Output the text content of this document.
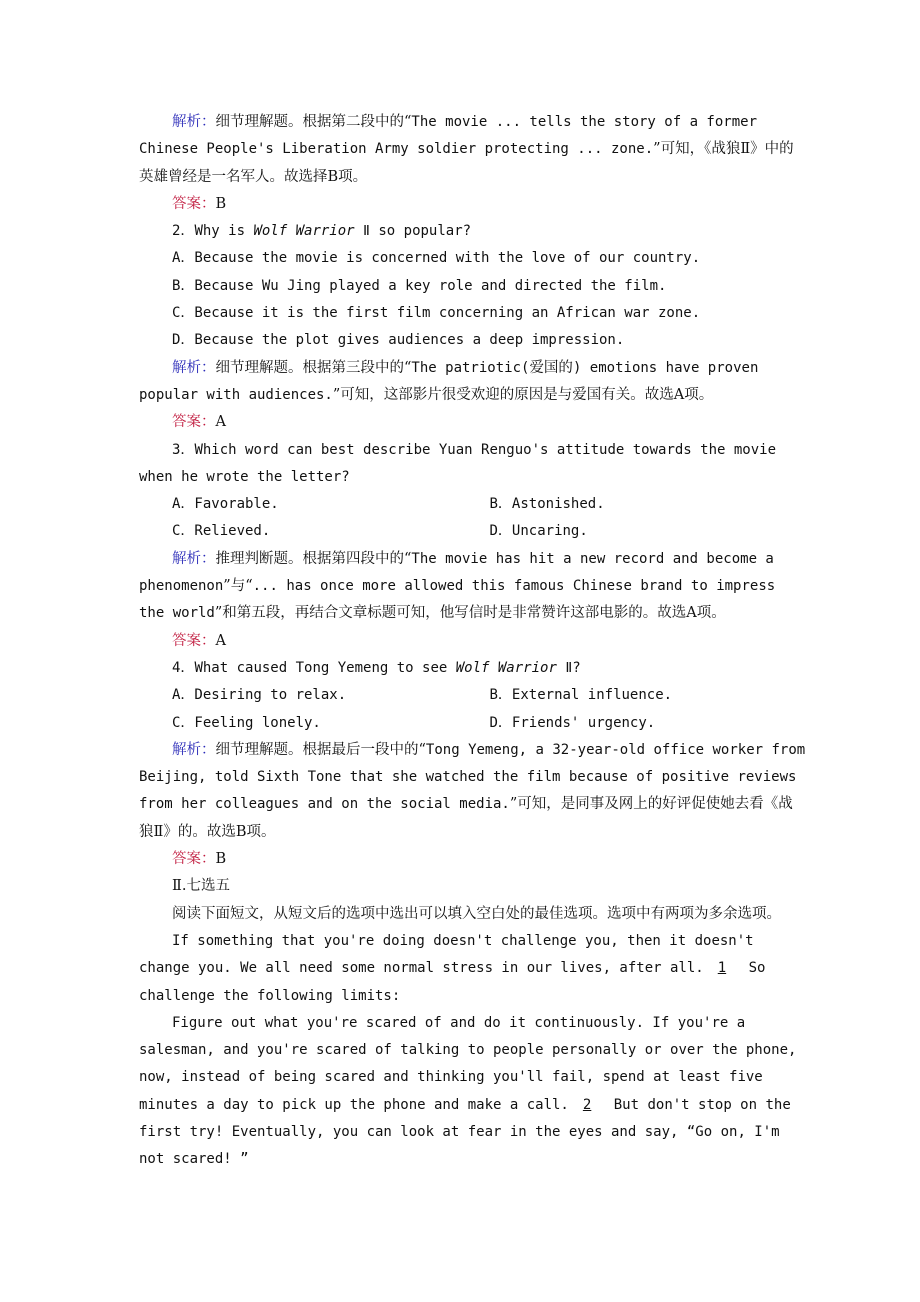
解析：细节理解题。根据第二段中的“The movie ... tells the story of a former Chinese People's Liberation Army soldier protecting ... zone.”可知，《战狼Ⅱ》中的英雄曾经是一名军人。故选择B项。

答案：B

2．Why is Wolf Warrior Ⅱ so popular?

A．Because the movie is concerned with the love of our country.

B．Because Wu Jing played a key role and directed the film.

C．Because it is the first film concerning an African war zone.

D．Because the plot gives audiences a deep impression.

解析：细节理解题。根据第三段中的“The patriotic(爱国的) emotions have proven popular with audiences.”可知，这部影片很受欢迎的原因是与爱国有关。故选A项。

答案：A

3．Which word can best describe Yuan Renguo's attitude towards the movie when he wrote the letter?

A．Favorable.	B．Astonished.
C．Relieved.	D．Uncaring.

解析：推理判断题。根据第四段中的“The movie has hit a new record and become a phenomenon”与“... has once more allowed this famous Chinese brand to impress the world”和第五段，再结合文章标题可知，他写信时是非常赞许这部电影的。故选A项。

答案：A

4．What caused Tong Yemeng to see Wolf Warrior Ⅱ?

A．Desiring to relax.	B．External influence.
C．Feeling lonely.	D．Friends' urgency.

解析：细节理解题。根据最后一段中的“Tong Yemeng, a 32-year-old office worker from Beijing, told Sixth Tone that she watched the film because of positive reviews from her colleagues and on the social media.”可知，是同事及网上的好评促使她去看《战狼Ⅱ》的。故选B项。

答案：B

Ⅱ.七选五

阅读下面短文，从短文后的选项中选出可以填入空白处的最佳选项。选项中有两项为多余选项。

If something that you're doing doesn't challenge you, then it doesn't change you. We all need some normal stress in our lives, after all. 1 So challenge the following limits:

Figure out what you're scared of and do it continuously. If you're a salesman, and you're scared of talking to people personally or over the phone, now, instead of being scared and thinking you'll fail, spend at least five minutes a day to pick up the phone and make a call. 2 But don't stop on the first try! Eventually, you can look at fear in the eyes and say, “Go on, I'm not scared! ”
